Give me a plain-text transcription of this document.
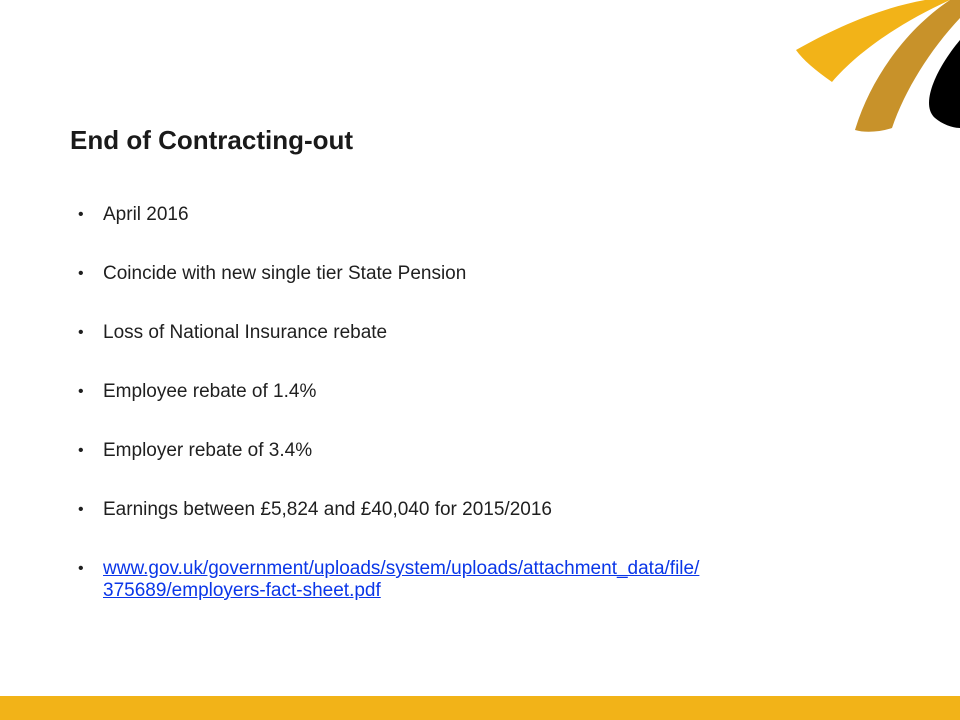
End of Contracting-out
• April 2016
• Coincide with new single tier State Pension
• Loss of National Insurance rebate
• Employee rebate of 1.4%
• Employer rebate of 3.4%
• Earnings between £5,824 and £40,040 for 2015/2016
• www.gov.uk/government/uploads/system/uploads/attachment_data/file/
375689/employers-fact-sheet.pdf
